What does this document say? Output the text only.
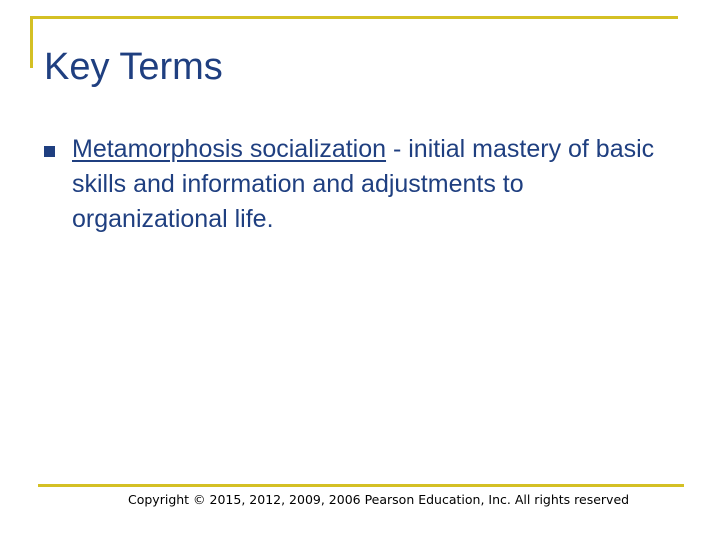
Key Terms

Metamorphosis socialization - initial mastery of basic skills and information and adjustments to organizational life.

Copyright © 2015, 2012, 2009, 2006 Pearson Education, Inc. All rights reserved
